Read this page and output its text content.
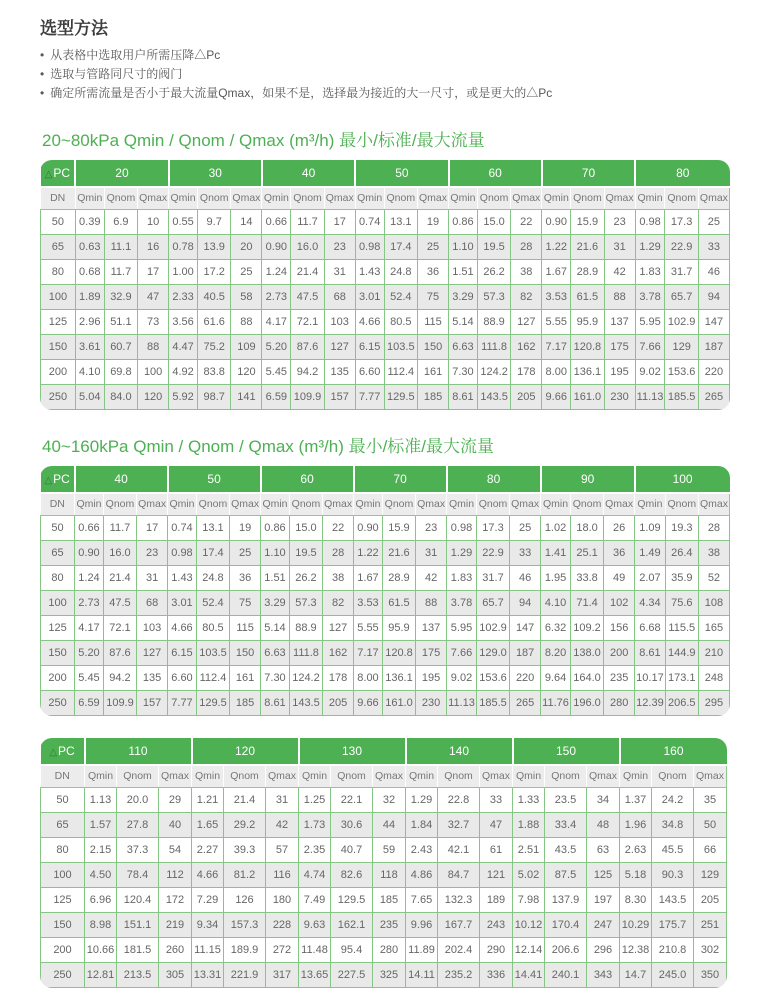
选型方法
• 从表格中选取用户所需压降△Pc
• 选取与管路同尺寸的阀门
• 确定所需流量是否小于最大流量Qmax，如果不是，选择最为接近的大一尺寸，或是更大的△Pc
20~80kPa Qmin / Qnom / Qmax (m³/h) 最小/标准/最大流量
△PC	20			30			40			50			60			70			80		
DN	Qmin	Qnom	Qmax	Qmin	Qnom	Qmax	Qmin	Qnom	Qmax	Qmin	Qnom	Qmax	Qmin	Qnom	Qmax	Qmin	Qnom	Qmax	Qmin	Qnom	Qmax
50	0.39	6.9	10	0.55	9.7	14	0.66	11.7	17	0.74	13.1	19	0.86	15.0	22	0.90	15.9	23	0.98	17.3	25
65	0.63	11.1	16	0.78	13.9	20	0.90	16.0	23	0.98	17.4	25	1.10	19.5	28	1.22	21.6	31	1.29	22.9	33
80	0.68	11.7	17	1.00	17.2	25	1.24	21.4	31	1.43	24.8	36	1.51	26.2	38	1.67	28.9	42	1.83	31.7	46
100	1.89	32.9	47	2.33	40.5	58	2.73	47.5	68	3.01	52.4	75	3.29	57.3	82	3.53	61.5	88	3.78	65.7	94
125	2.96	51.1	73	3.56	61.6	88	4.17	72.1	103	4.66	80.5	115	5.14	88.9	127	5.55	95.9	137	5.95	102.9	147
150	3.61	60.7	88	4.47	75.2	109	5.20	87.6	127	6.15	103.5	150	6.63	111.8	162	7.17	120.8	175	7.66	129	187
200	4.10	69.8	100	4.92	83.8	120	5.45	94.2	135	6.60	112.4	161	7.30	124.2	178	8.00	136.1	195	9.02	153.6	220
250	5.04	84.0	120	5.92	98.7	141	6.59	109.9	157	7.77	129.5	185	8.61	143.5	205	9.66	161.0	230	11.13	185.5	265
40~160kPa Qmin / Qnom / Qmax (m³/h) 最小/标准/最大流量
△PC	40			50			60			70			80			90			100		
DN	Qmin	Qnom	Qmax	Qmin	Qnom	Qmax	Qmin	Qnom	Qmax	Qmin	Qnom	Qmax	Qmin	Qnom	Qmax	Qmin	Qnom	Qmax	Qmin	Qnom	Qmax
50	0.66	11.7	17	0.74	13.1	19	0.86	15.0	22	0.90	15.9	23	0.98	17.3	25	1.02	18.0	26	1.09	19.3	28
65	0.90	16.0	23	0.98	17.4	25	1.10	19.5	28	1.22	21.6	31	1.29	22.9	33	1.41	25.1	36	1.49	26.4	38
80	1.24	21.4	31	1.43	24.8	36	1.51	26.2	38	1.67	28.9	42	1.83	31.7	46	1.95	33.8	49	2.07	35.9	52
100	2.73	47.5	68	3.01	52.4	75	3.29	57.3	82	3.53	61.5	88	3.78	65.7	94	4.10	71.4	102	4.34	75.6	108
125	4.17	72.1	103	4.66	80.5	115	5.14	88.9	127	5.55	95.9	137	5.95	102.9	147	6.32	109.2	156	6.68	115.5	165
150	5.20	87.6	127	6.15	103.5	150	6.63	111.8	162	7.17	120.8	175	7.66	129.0	187	8.20	138.0	200	8.61	144.9	210
200	5.45	94.2	135	6.60	112.4	161	7.30	124.2	178	8.00	136.1	195	9.02	153.6	220	9.64	164.0	235	10.17	173.1	248
250	6.59	109.9	157	7.77	129.5	185	8.61	143.5	205	9.66	161.0	230	11.13	185.5	265	11.76	196.0	280	12.39	206.5	295
△PC	110			120			130			140			150			160		
DN	Qmin	Qnom	Qmax	Qmin	Qnom	Qmax	Qmin	Qnom	Qmax	Qmin	Qnom	Qmax	Qmin	Qnom	Qmax	Qmin	Qnom	Qmax
50	1.13	20.0	29	1.21	21.4	31	1.25	22.1	32	1.29	22.8	33	1.33	23.5	34	1.37	24.2	35
65	1.57	27.8	40	1.65	29.2	42	1.73	30.6	44	1.84	32.7	47	1.88	33.4	48	1.96	34.8	50
80	2.15	37.3	54	2.27	39.3	57	2.35	40.7	59	2.43	42.1	61	2.51	43.5	63	2.63	45.5	66
100	4.50	78.4	112	4.66	81.2	116	4.74	82.6	118	4.86	84.7	121	5.02	87.5	125	5.18	90.3	129
125	6.96	120.4	172	7.29	126	180	7.49	129.5	185	7.65	132.3	189	7.98	137.9	197	8.30	143.5	205
150	8.98	151.1	219	9.34	157.3	228	9.63	162.1	235	9.96	167.7	243	10.12	170.4	247	10.29	175.7	251
200	10.66	181.5	260	11.15	189.9	272	11.48	95.4	280	11.89	202.4	290	12.14	206.6	296	12.38	210.8	302
250	12.81	213.5	305	13.31	221.9	317	13.65	227.5	325	14.11	235.2	336	14.41	240.1	343	14.7	245.0	350
